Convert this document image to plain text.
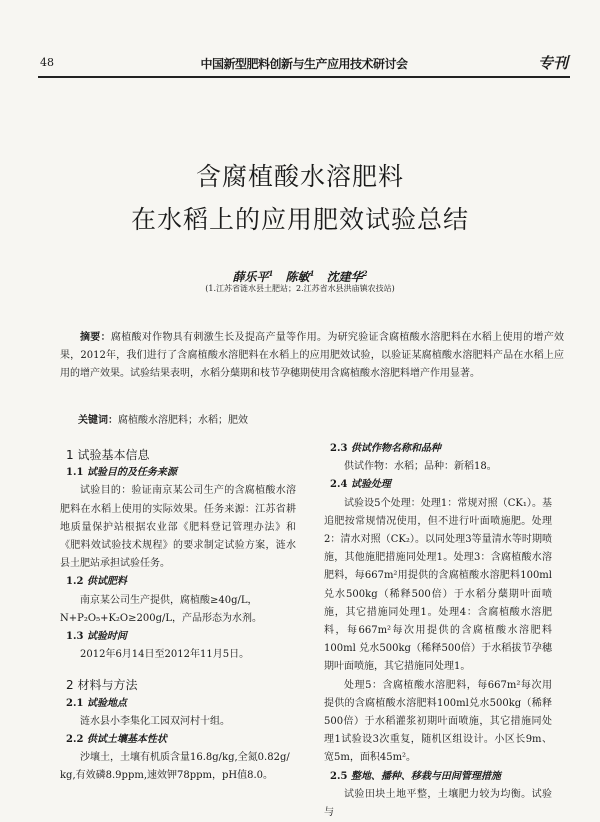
48	中国新型肥料创新与生产应用技术研讨会	专刊
含腐植酸水溶肥料
在水稻上的应用肥效试验总结
薛乐平$^1$ 陈敏$^1$ 沈建华$^2$
(1.江苏省涟水县土肥站；2.江苏省水县洪庙镇农技站)

摘要：腐植酸对作物具有刺激生长及提高产量等作用。为研究验证含腐植酸水溶肥料在水稻上使用的增产效果，2012年，我们进行了含腐植酸水溶肥料在水稻上的应用肥效试验，以验证某腐植酸水溶肥料产品在水稻上应用的增产效果。试验结果表明，水稻分蘖期和枝节孕穗期使用含腐植酸水溶肥料增产作用显著。

关键词：腐植酸水溶肥料；水稻；肥效

1 试验基本信息

1.1 试验目的及任务来源

试验目的：验证南京某公司生产的含腐植酸水溶肥料在水稻上使用的实际效果。任务来源：江苏省耕地质量保护站根据农业部《肥料登记管理办法》和《肥料效试验技术规程》的要求制定试验方案，涟水县土肥站承担试验任务。

1.2 供试肥料

南京某公司生产提供，腐植酸≥40g/L，

N+P₂O₅+K₂O≥200g/L，产品形态为水剂。

1.3 试验时间

2012年6月14日至2012年11月5日。

2 材料与方法

2.1 试验地点

涟水县小李集化工园双河村十组。

2.2 供试土壤基本性状

沙壤土，土壤有机质含量16.8g/kg,全氮0.82g/

kg,有效磷8.9ppm,速效钾78ppm，pH值8.0。

2.3 供试作物名称和品种

供试作物：水稻；品种：新稻18。

2.4 试验处理

试验设5个处理：处理1：常规对照（CK₁）。基追肥按常规情况使用，但不进行叶面喷施肥。处理2：清水对照（CK₂）。以同处理3等量清水等时期喷施，其他施肥措施同处理1。处理3：含腐植酸水溶肥料，每667m²用提供的含腐植酸水溶肥料100ml兑水500kg（稀释500倍）于水稻分蘖期叶面喷施，其它措施同处理1。处理4：含腐植酸水溶肥料，每667m²每次用提供的含腐植酸水溶肥料100ml 兑水500kg（稀释500倍）于水稻拔节孕穗期叶面喷施，其它措施同处理1。

处理5：含腐植酸水溶肥料，每667m²每次用提供的含腐植酸水溶肥料100ml兑水500kg（稀释500倍）于水稻灌浆初期叶面喷施，其它措施同处理1试验设3次重复，随机区组设计。小区长9m、宽5m，面积45m²。

2.5 整地、播种、移栽与田间管理措施

试验田块土地平整，土壤肥力较为均衡。试验与
